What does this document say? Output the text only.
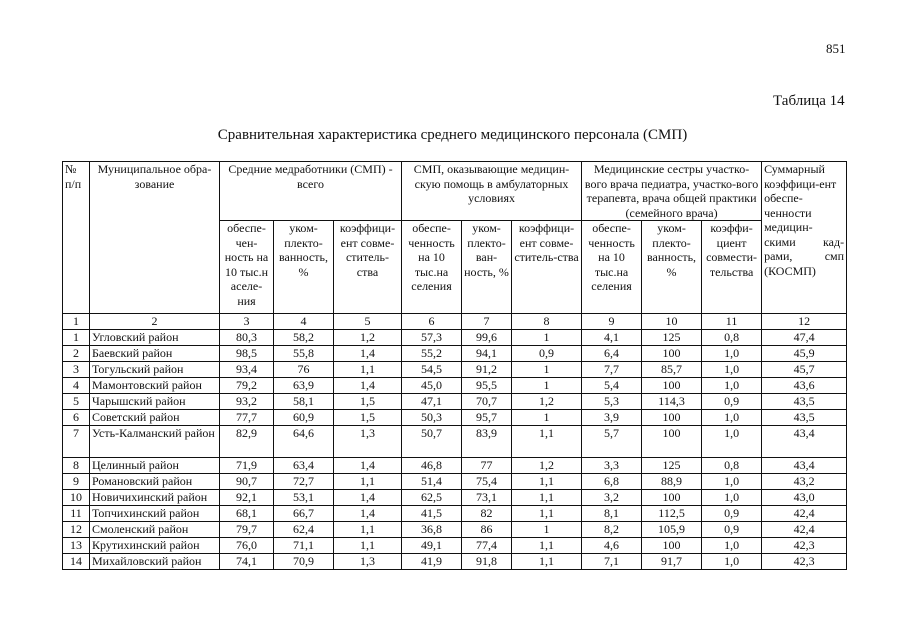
851
Таблица 14
Сравнительная характеристика среднего медицинского персонала (СМП)
№ п/п	Муниципальное обра-зование	Средние медработники (СМП) - всего			СМП, оказывающие медицин-скую помощь в амбулаторных условиях			Медицинские сестры участко-вого врача педиатра, участко-вого терапевта, врача общей практики (семейного врача)			Суммарный коэффици-ент обеспе-ченности медицин-скими кад-рами, смп (КОСМП)
		обеспе-чен-ность на 10 тыс.н аселе-ния	уком-плекто-ванность, %	коэффици-ент совме-ститель-ства	обеспе-ченность на 10 тыс.на селения	уком-плекто-ван-ность, %	коэффици-ент совме-ститель-ства	обеспе-ченность на 10 тыс.на селения	уком-плекто-ванность, %	коэффи-циент совмести-тельства	
1	2	3	4	5	6	7	8	9	10	11	12
1	Угловский район	80,3	58,2	1,2	57,3	99,6	1	4,1	125	0,8	47,4
2	Баевский район	98,5	55,8	1,4	55,2	94,1	0,9	6,4	100	1,0	45,9
3	Тогульский район	93,4	76	1,1	54,5	91,2	1	7,7	85,7	1,0	45,7
4	Мамонтовский район	79,2	63,9	1,4	45,0	95,5	1	5,4	100	1,0	43,6
5	Чарышский район	93,2	58,1	1,5	47,1	70,7	1,2	5,3	114,3	0,9	43,5
6	Советский район	77,7	60,9	1,5	50,3	95,7	1	3,9	100	1,0	43,5
7	Усть-Калманский район	82,9	64,6	1,3	50,7	83,9	1,1	5,7	100	1,0	43,4
8	Целинный район	71,9	63,4	1,4	46,8	77	1,2	3,3	125	0,8	43,4
9	Романовский район	90,7	72,7	1,1	51,4	75,4	1,1	6,8	88,9	1,0	43,2
10	Новичихинский район	92,1	53,1	1,4	62,5	73,1	1,1	3,2	100	1,0	43,0
11	Топчихинский район	68,1	66,7	1,4	41,5	82	1,1	8,1	112,5	0,9	42,4
12	Смоленский район	79,7	62,4	1,1	36,8	86	1	8,2	105,9	0,9	42,4
13	Крутихинский район	76,0	71,1	1,1	49,1	77,4	1,1	4,6	100	1,0	42,3
14	Михайловский район	74,1	70,9	1,3	41,9	91,8	1,1	7,1	91,7	1,0	42,3
